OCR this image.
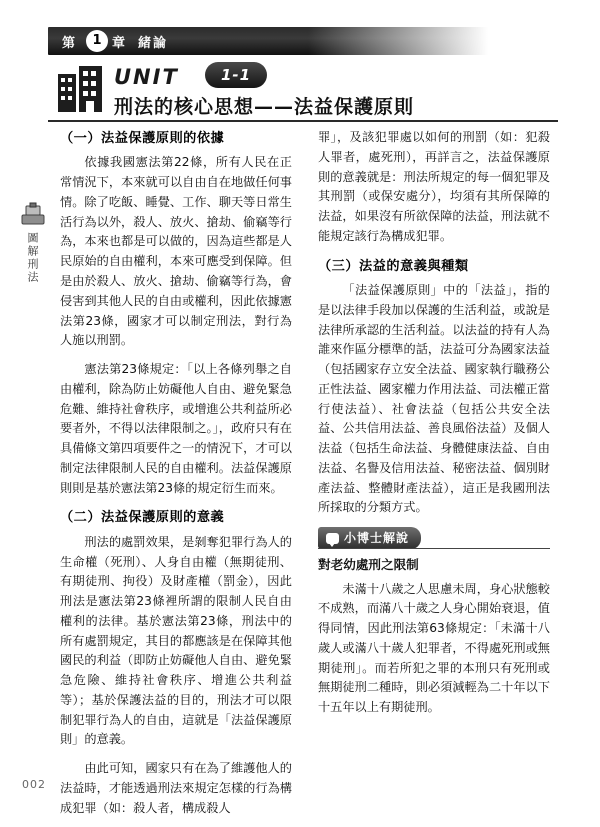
第	1 章 緒論
UNIT	1-1
刑法的核心思想——法益保護原則
圖解刑法
（一）法益保護原則的依據

依據我國憲法第22條，所有人民在正常情況下，本來就可以自由自在地做任何事情。除了吃飯、睡覺、工作、聊天等日常生活行為以外，殺人、放火、搶劫、偷竊等行為，本來也都是可以做的，因為這些都是人民原始的自由權利，本來可應受到保障。但是由於殺人、放火、搶劫、偷竊等行為，會侵害到其他人民的自由或權利，因此依據憲法第23條，國家才可以制定刑法，對行為人施以刑罰。

憲法第23條規定：「以上各條列舉之自由權利，除為防止妨礙他人自由、避免緊急危難、維持社會秩序，或增進公共利益所必要者外，不得以法律限制之。」，政府只有在具備條文第四項要件之一的情況下，才可以制定法律限制人民的自由權利。法益保護原則則是基於憲法第23條的規定衍生而來。

（二）法益保護原則的意義

刑法的處罰效果，是剝奪犯罪行為人的生命權（死刑）、人身自由權（無期徒刑、有期徒刑、拘役）及財產權（罰金），因此刑法是憲法第23條裡所謂的限制人民自由權利的法律。基於憲法第23條，刑法中的所有處罰規定，其目的都應該是在保障其他國民的利益（即防止妨礙他人自由、避免緊急危險、維持社會秩序、增進公共利益等）；基於保護法益的目的，刑法才可以限制犯罪行為人的自由，這就是「法益保護原則」的意義。

由此可知，國家只有在為了維護他人的法益時，才能透過刑法來規定怎樣的行為構成犯罪（如：殺人者，構成殺人

罪」，及該犯罪處以如何的刑罰（如：犯殺人罪者，處死刑），再詳言之，法益保護原則的意義就是：刑法所規定的每一個犯罪及其刑罰（或保安處分），均須有其所保障的法益，如果沒有所欲保障的法益，刑法就不能規定該行為構成犯罪。

（三）法益的意義與種類

「法益保護原則」中的「法益」，指的是以法律手段加以保護的生活利益，或說是法律所承認的生活利益。以法益的持有人為誰來作區分標準的話，法益可分為國家法益（包括國家存立安全法益、國家執行職務公正性法益、國家權力作用法益、司法權正當行使法益）、社會法益（包括公共安全法益、公共信用法益、善良風俗法益）及個人法益（包括生命法益、身體健康法益、自由法益、名譽及信用法益、秘密法益、個別財產法益、整體財產法益），這正是我國刑法所採取的分類方式。

小博士解說
對老幼處刑之限制

未滿十八歲之人思慮未周，身心狀態較不成熟，而滿八十歲之人身心開始衰退，值得同情，因此刑法第63條規定：「未滿十八歲人或滿八十歲人犯罪者，不得處死刑或無期徒刑」。而若所犯之罪的本刑只有死刑或無期徒刑二種時，則必須減輕為二十年以下十五年以上有期徒刑。

002
